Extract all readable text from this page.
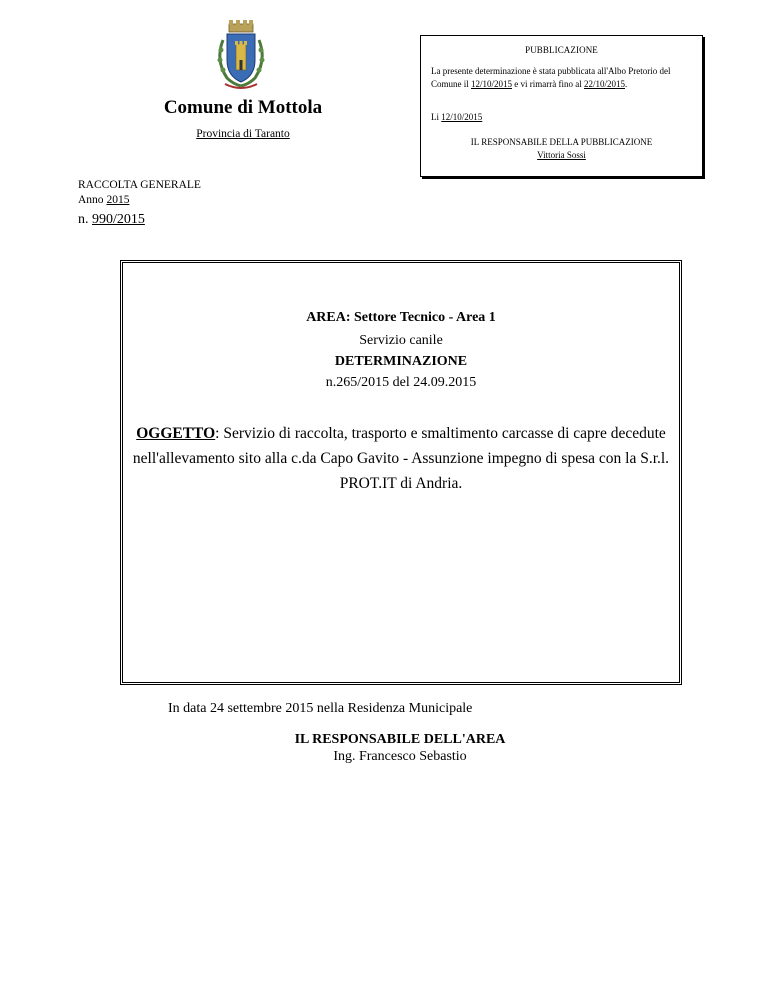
Comune di Mottola
Provincia di Taranto
PUBBLICAZIONE
La presente determinazione è stata pubblicata all'Albo Pretorio del Comune il 12/10/2015 e vi rimarrà fino al 22/10/2015.
Li 12/10/2015
IL RESPONSABILE DELLA PUBBLICAZIONE
Vittoria Sossi
RACCOLTA GENERALE
Anno 2015
n. 990/2015
AREA: Settore Tecnico - Area 1
Servizio canile
DETERMINAZIONE
n.265/2015 del 24.09.2015
OGGETTO: Servizio di raccolta, trasporto e smaltimento carcasse di capre decedute nell'allevamento sito alla c.da Capo Gavito - Assunzione impegno di spesa con la S.r.l. PROT.IT di Andria.
In data 24 settembre 2015 nella Residenza Municipale
IL RESPONSABILE DELL'AREA
Ing. Francesco Sebastio
